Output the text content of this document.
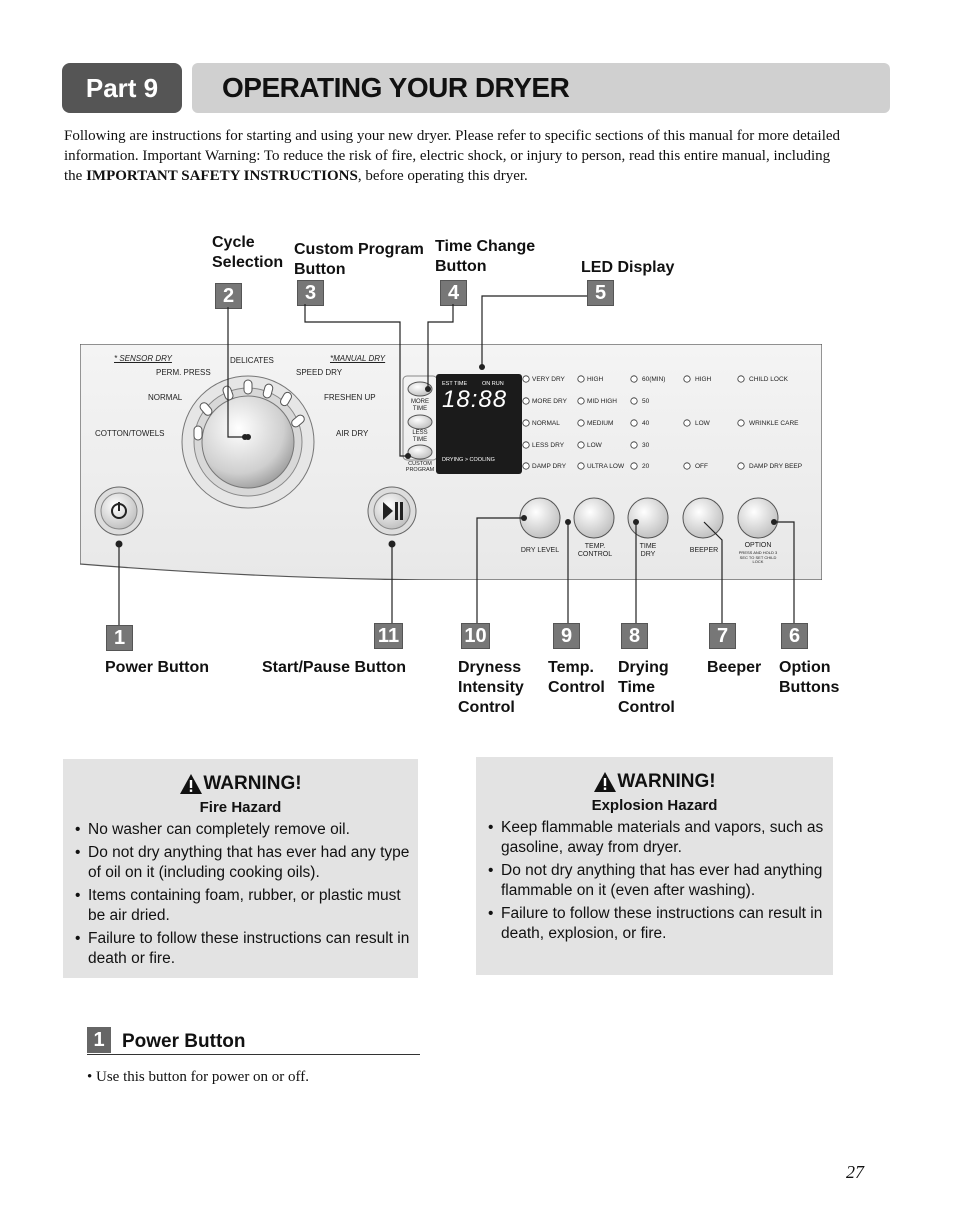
Part 9	OPERATING YOUR DRYER
Following are instructions for starting and using your new dryer. Please refer to specific sections of this manual for more detailed information. Important Warning: To reduce the risk of fire, electric shock, or injury to person, read this entire manual, including the IMPORTANT SAFETY INSTRUCTIONS, before operating this dryer.
Cycle Selection
Custom Program Button
Time Change Button	LED Display
2	3	4	5
1	11	10	9	8	7	6
Power Button	Start/Pause Button	Dryness Intensity Control
Temp. Control
Drying Time Control
Beeper	Option Buttons
* SENSOR DRY	*MANUAL DRY
DELICATES
PERM. PRESS	SPEED DRY
NORMAL	FRESHEN UP
COTTON/TOWELS	AIR DRY
MORE TIME
LESS TIME
CUSTOM PROGRAM
EST TIME	ON RUN
18:88
DRYING > COOLING
VERY DRY
MORE DRY
NORMAL
LESS DRY
DAMP DRY
HIGH
MID HIGH
MEDIUM
LOW
ULTRA LOW
60(MIN)
50
40
30
20
HIGH
LOW
OFF
CHILD LOCK
WRINKLE CARE
DAMP DRY BEEP
DRY LEVEL
TEMP. CONTROL
TIME DRY
BEEPER
OPTION
PRESS AND HOLD 3 SEC TO SET CHILD LOCK
WARNING!
Fire Hazard
• No washer can completely remove oil.
• Do not dry anything that has ever had any type of oil on it (including cooking oils).
• Items containing foam, rubber, or plastic must be air dried.
• Failure to follow these instructions can result in death or fire.
WARNING!
Explosion Hazard
• Keep flammable materials and vapors, such as gasoline, away from dryer.
• Do not dry anything that has ever had anything flammable on it (even after washing).
• Failure to follow these instructions can result in death, explosion, or fire.
1 Power Button
• Use this button for power on or off.
27
